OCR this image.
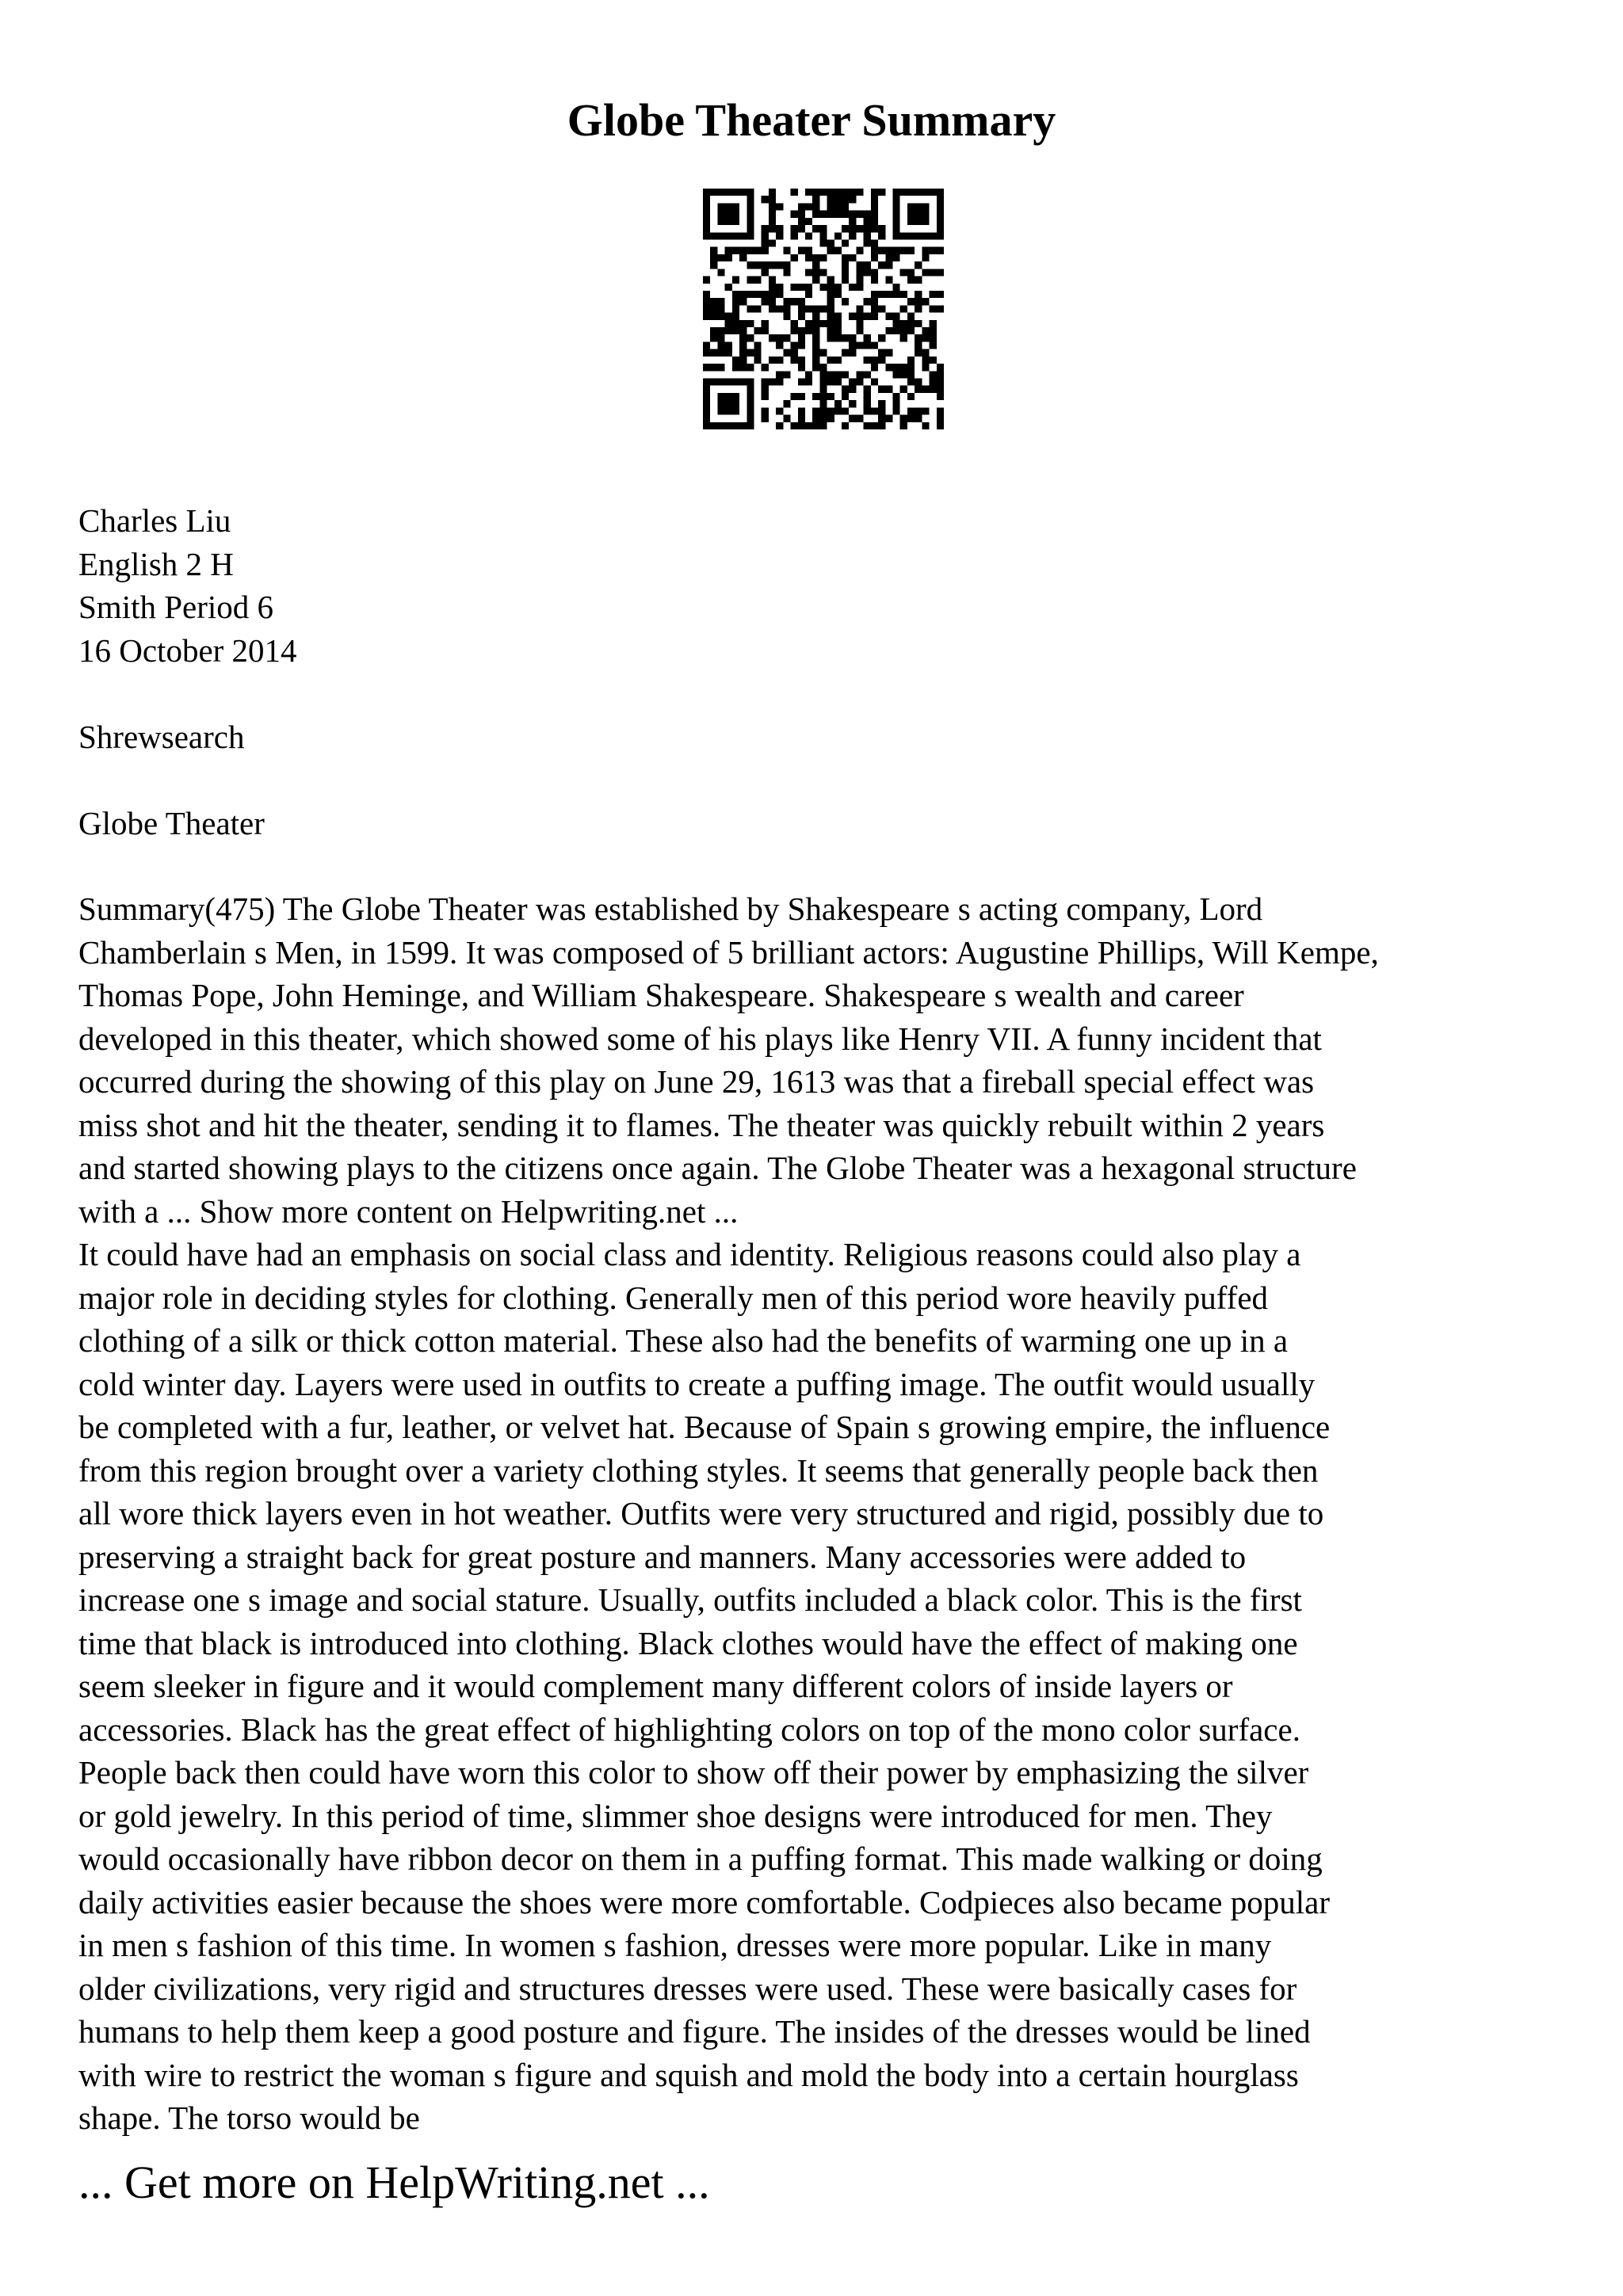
Globe Theater Summary
Charles Liu
English 2 H
Smith Period 6
16 October 2014
Shrewsearch
Globe Theater
Summary(475) The Globe Theater was established by Shakespeare s acting company, Lord
Chamberlain s Men, in 1599. It was composed of 5 brilliant actors: Augustine Phillips, Will Kempe,
Thomas Pope, John Heminge, and William Shakespeare. Shakespeare s wealth and career
developed in this theater, which showed some of his plays like Henry VII. A funny incident that
occurred during the showing of this play on June 29, 1613 was that a fireball special effect was
miss shot and hit the theater, sending it to flames. The theater was quickly rebuilt within 2 years
and started showing plays to the citizens once again. The Globe Theater was a hexagonal structure
with a ... Show more content on Helpwriting.net ...
It could have had an emphasis on social class and identity. Religious reasons could also play a
major role in deciding styles for clothing. Generally men of this period wore heavily puffed
clothing of a silk or thick cotton material. These also had the benefits of warming one up in a
cold winter day. Layers were used in outfits to create a puffing image. The outfit would usually
be completed with a fur, leather, or velvet hat. Because of Spain s growing empire, the influence
from this region brought over a variety clothing styles. It seems that generally people back then
all wore thick layers even in hot weather. Outfits were very structured and rigid, possibly due to
preserving a straight back for great posture and manners. Many accessories were added to
increase one s image and social stature. Usually, outfits included a black color. This is the first
time that black is introduced into clothing. Black clothes would have the effect of making one
seem sleeker in figure and it would complement many different colors of inside layers or
accessories. Black has the great effect of highlighting colors on top of the mono color surface.
People back then could have worn this color to show off their power by emphasizing the silver
or gold jewelry. In this period of time, slimmer shoe designs were introduced for men. They
would occasionally have ribbon decor on them in a puffing format. This made walking or doing
daily activities easier because the shoes were more comfortable. Codpieces also became popular
in men s fashion of this time. In women s fashion, dresses were more popular. Like in many
older civilizations, very rigid and structures dresses were used. These were basically cases for
humans to help them keep a good posture and figure. The insides of the dresses would be lined
with wire to restrict the woman s figure and squish and mold the body into a certain hourglass
shape. The torso would be
... Get more on HelpWriting.net ...
